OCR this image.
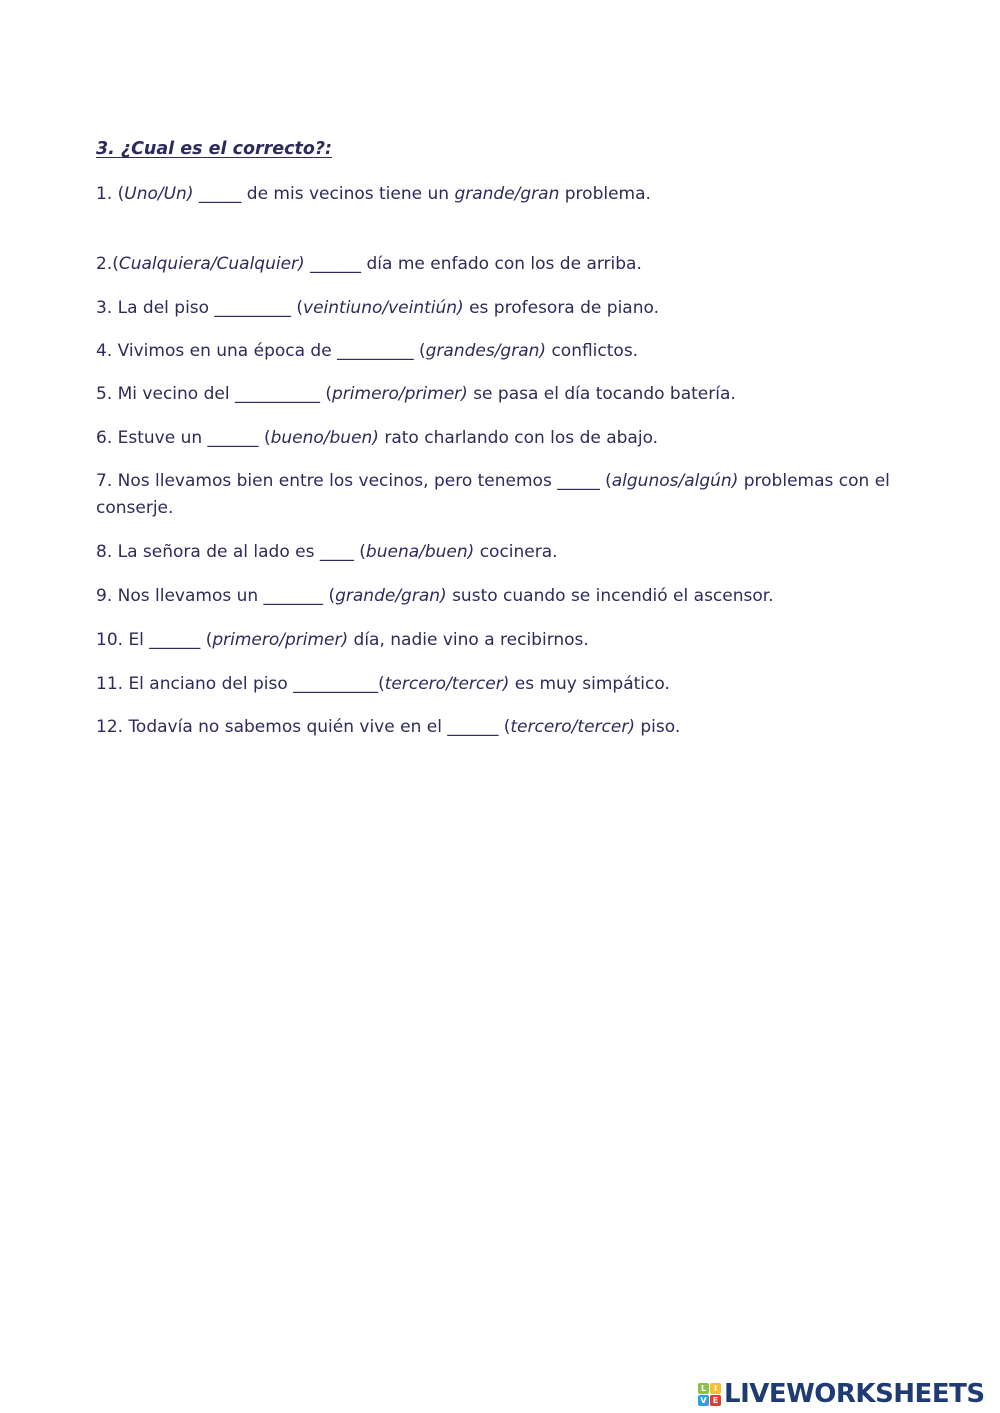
3. ¿Cual es el correcto?:
1. (Uno/Un) _____ de mis vecinos tiene un grande/gran problema.
2.(Cualquiera/Cualquier) ______ día me enfado con los de arriba.
3. La del piso _________ (veintiuno/veintiún) es profesora de piano.
4. Vivimos en una época de _________ (grandes/gran) conflictos.
5. Mi vecino del __________ (primero/primer) se pasa el día tocando batería.
6. Estuve un ______ (bueno/buen) rato charlando con los de abajo.
7. Nos llevamos bien entre los vecinos, pero tenemos _____ (algunos/algún) problemas con el conserje.
8. La señora de al lado es ____ (buena/buen) cocinera.
9. Nos llevamos un _______ (grande/gran) susto cuando se incendió el ascensor.
10. El ______ (primero/primer) día, nadie vino a recibirnos.
11. El anciano del piso __________(tercero/tercer) es muy simpático.
12. Todavía no sabemos quién vive en el ______ (tercero/tercer) piso.
L I
V E LIVEWORKSHEETS
